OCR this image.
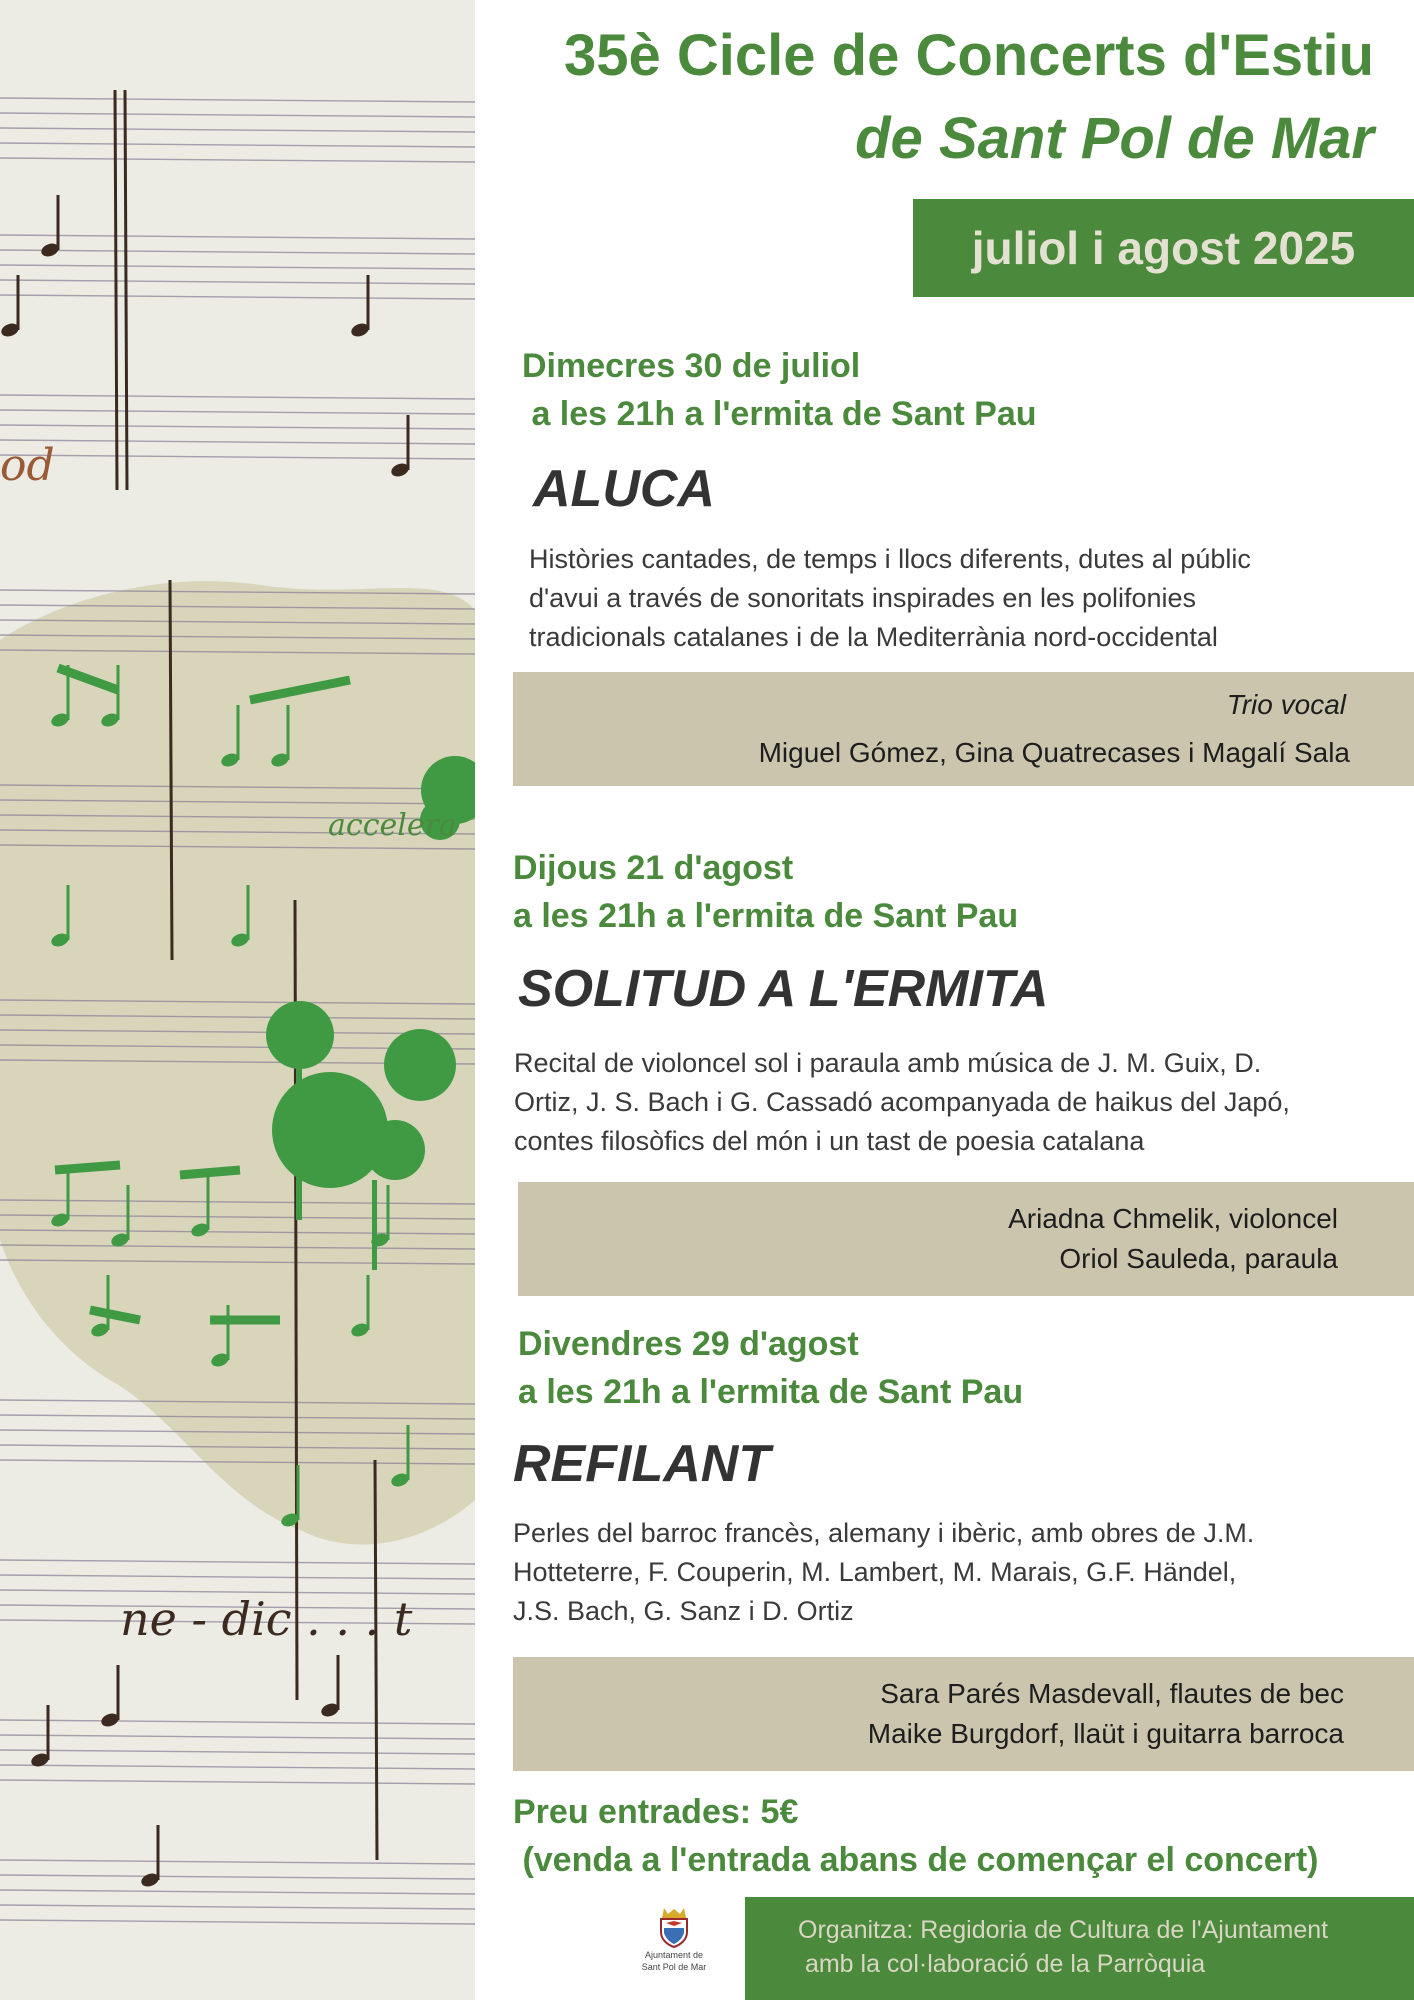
accelera
ne - dic . . . t
od
35è Cicle de Concerts d'Estiu
de Sant Pol de Mar
juliol i agost 2025

Dimecres 30 de juliol

a les 21h a l'ermita de Sant Pau

ALUCA

Històries cantades, de temps i llocs diferents, dutes al públic

d'avui a través de sonoritats inspirades en les polifonies

tradicionals catalanes i de la Mediterrània nord-occidental

Trio vocal

Miguel Gómez, Gina Quatrecases i Magalí Sala

Dijous 21 d'agost

a les 21h a l'ermita de Sant Pau

SOLITUD A L'ERMITA

Recital de violoncel sol i paraula amb música de J. M. Guix, D.

Ortiz, J. S. Bach i G. Cassadó acompanyada de haikus del Japó,

contes filosòfics del món i un tast de poesia catalana

Ariadna Chmelik, violoncel

Oriol Sauleda, paraula

Divendres 29 d'agost

a les 21h a l'ermita de Sant Pau

REFILANT

Perles del barroc francès, alemany i ibèric, amb obres de J.M.

Hotteterre, F. Couperin, M. Lambert, M. Marais, G.F. Händel,

J.S. Bach, G. Sanz i D. Ortiz

Sara Parés Masdevall, flautes de bec

Maike Burgdorf, llaüt i guitarra barroca

Preu entrades: 5€

(venda a l'entrada abans de començar el concert)

Ajuntament de

Sant Pol de Mar

Organitza: Regidoria de Cultura de l'Ajuntament

amb la col·laboració de la Parròquia
